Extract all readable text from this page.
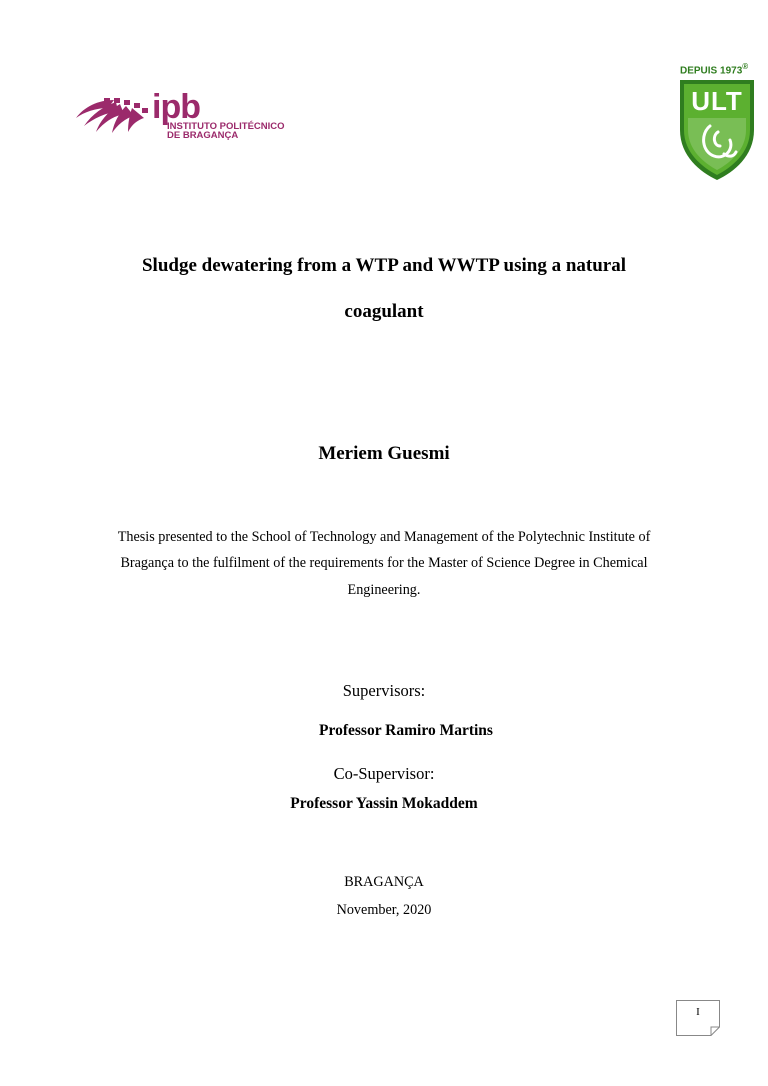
ipb
INSTITUTO POLITÉCNICO
DE BRAGANÇA
DEPUIS 1973®
ULT
Sludge dewatering from a WTP and WWTP using a natural
coagulant
Meriem Guesmi
Thesis presented to the School of Technology and Management of the Polytechnic Institute of
Bragança to the fulfilment of the requirements for the Master of Science Degree in Chemical
Engineering.
Supervisors:
Professor Ramiro Martins
Co-Supervisor:
Professor Yassin Mokaddem
BRAGANÇA
November, 2020
I
